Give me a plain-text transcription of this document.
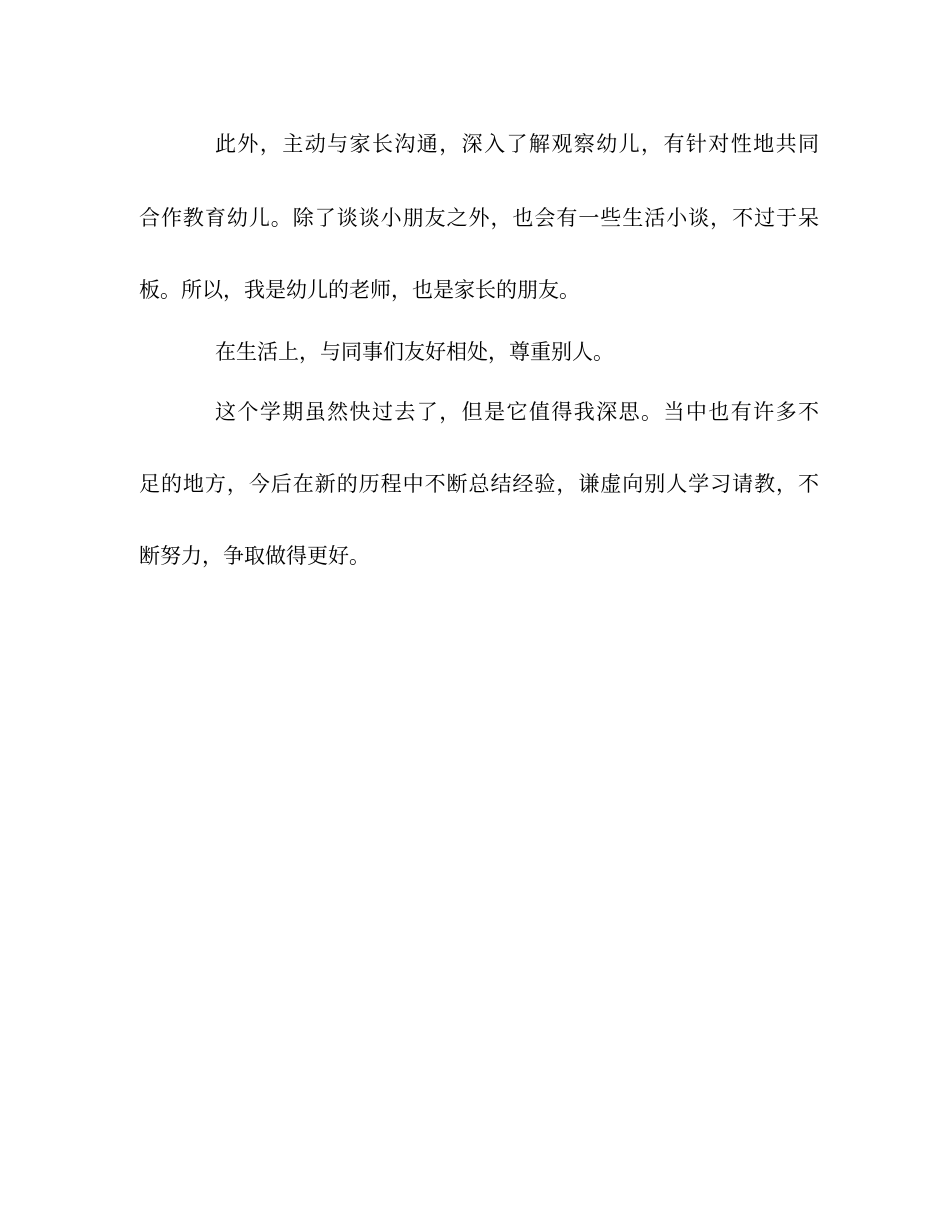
此外，主动与家长沟通，深入了解观察幼儿，有针对性地共同
合作教育幼儿。除了谈谈小朋友之外，也会有一些生活小谈，不过于呆
板。所以，我是幼儿的老师，也是家长的朋友。
在生活上，与同事们友好相处，尊重别人。
这个学期虽然快过去了，但是它值得我深思。当中也有许多不
足的地方，今后在新的历程中不断总结经验，谦虚向别人学习请教，不
断努力，争取做得更好。
